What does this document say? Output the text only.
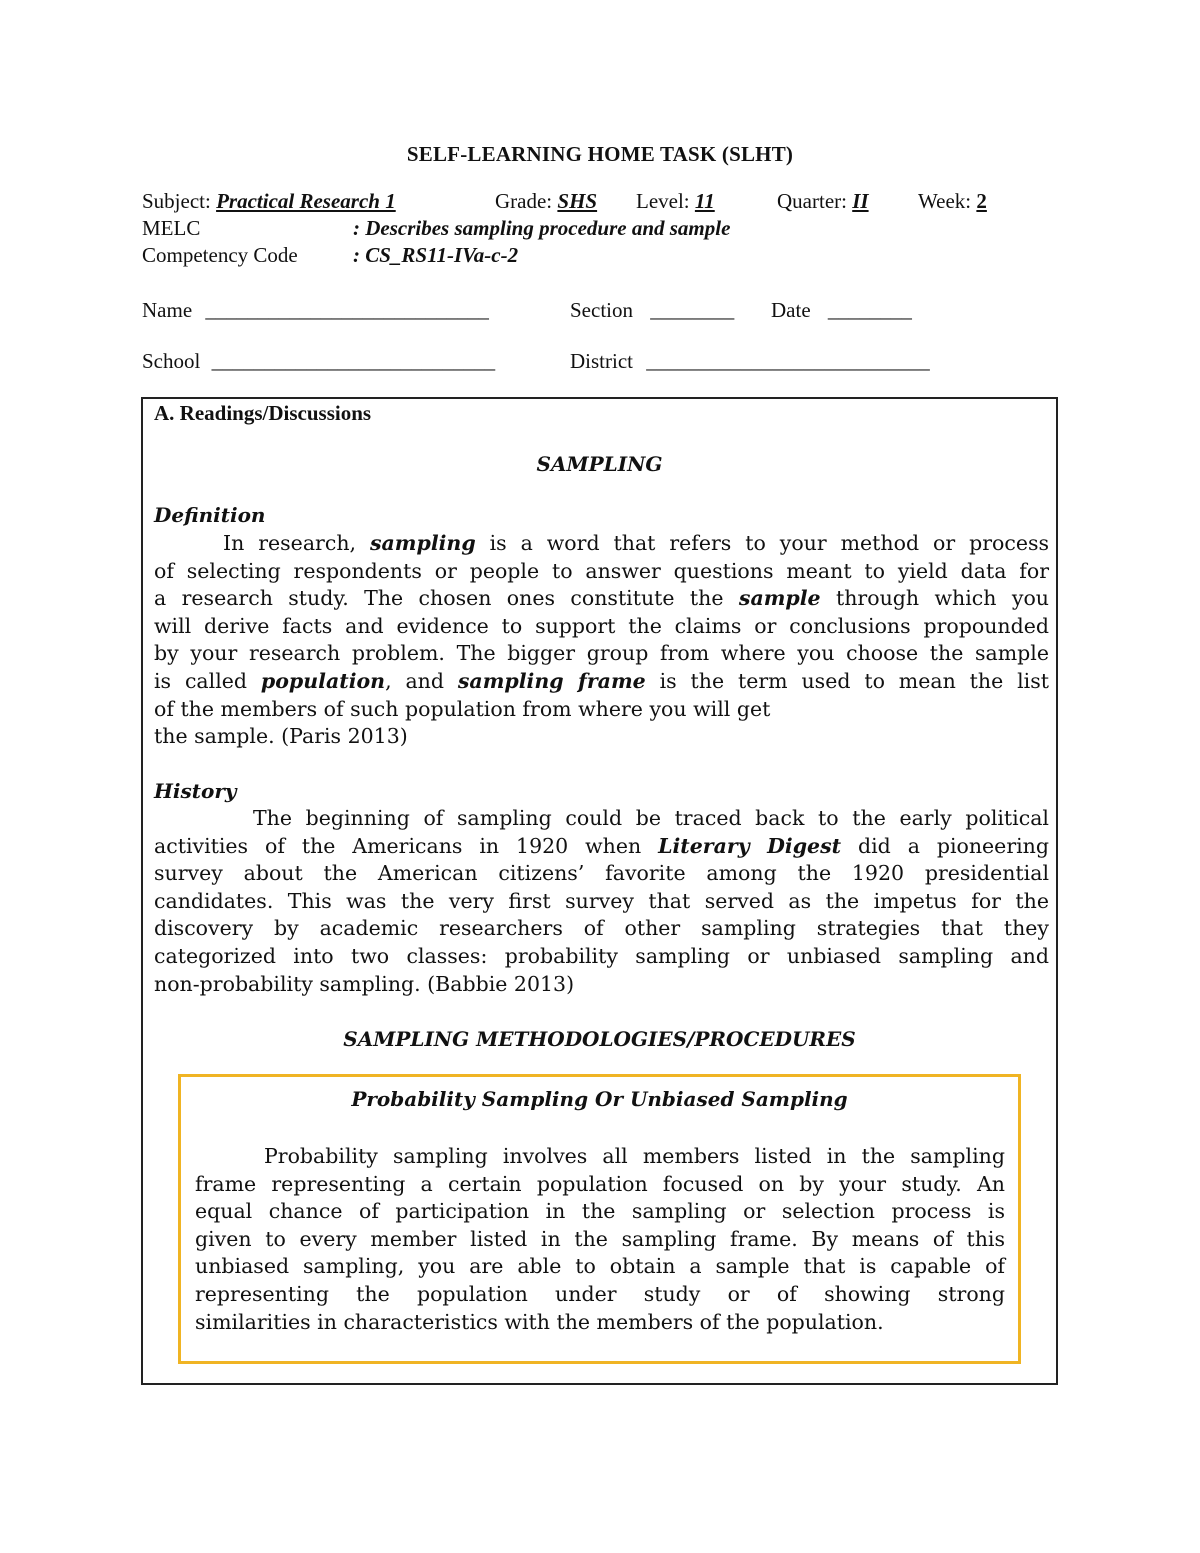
SELF-LEARNING HOME TASK (SLHT)
Subject: Practical Research 1	Grade: SHS Level: 11	Quarter: II Week: 2
MELC	: Describes sampling procedure and sample
Competency Code	: CS_RS11-IVa-c-2
Name ___________________________	Section ________ Date ________
School ___________________________	District ___________________________
A. Readings/Discussions
SAMPLING
Definition
In research, sampling is a word that refers to your method or process
of selecting respondents or people to answer questions meant to yield data for
a research study. The chosen ones constitute the sample through which you
will derive facts and evidence to support the claims or conclusions propounded
by your research problem. The bigger group from where you choose the sample
is called population, and sampling frame is the term used to mean the list
of the members of such population from where you will get
the sample. (Paris 2013)
History
The beginning of sampling could be traced back to the early political
activities of the Americans in 1920 when Literary Digest did a pioneering
survey about the American citizens’ favorite among the 1920 presidential
candidates. This was the very first survey that served as the impetus for the
discovery by academic researchers of other sampling strategies that they
categorized into two classes: probability sampling or unbiased sampling and
non-probability sampling. (Babbie 2013)
SAMPLING METHODOLOGIES/PROCEDURES
Probability Sampling Or Unbiased Sampling
Probability sampling involves all members listed in the sampling
frame representing a certain population focused on by your study. An
equal chance of participation in the sampling or selection process is
given to every member listed in the sampling frame. By means of this
unbiased sampling, you are able to obtain a sample that is capable of
representing the population under study or of showing strong
similarities in characteristics with the members of the population.
